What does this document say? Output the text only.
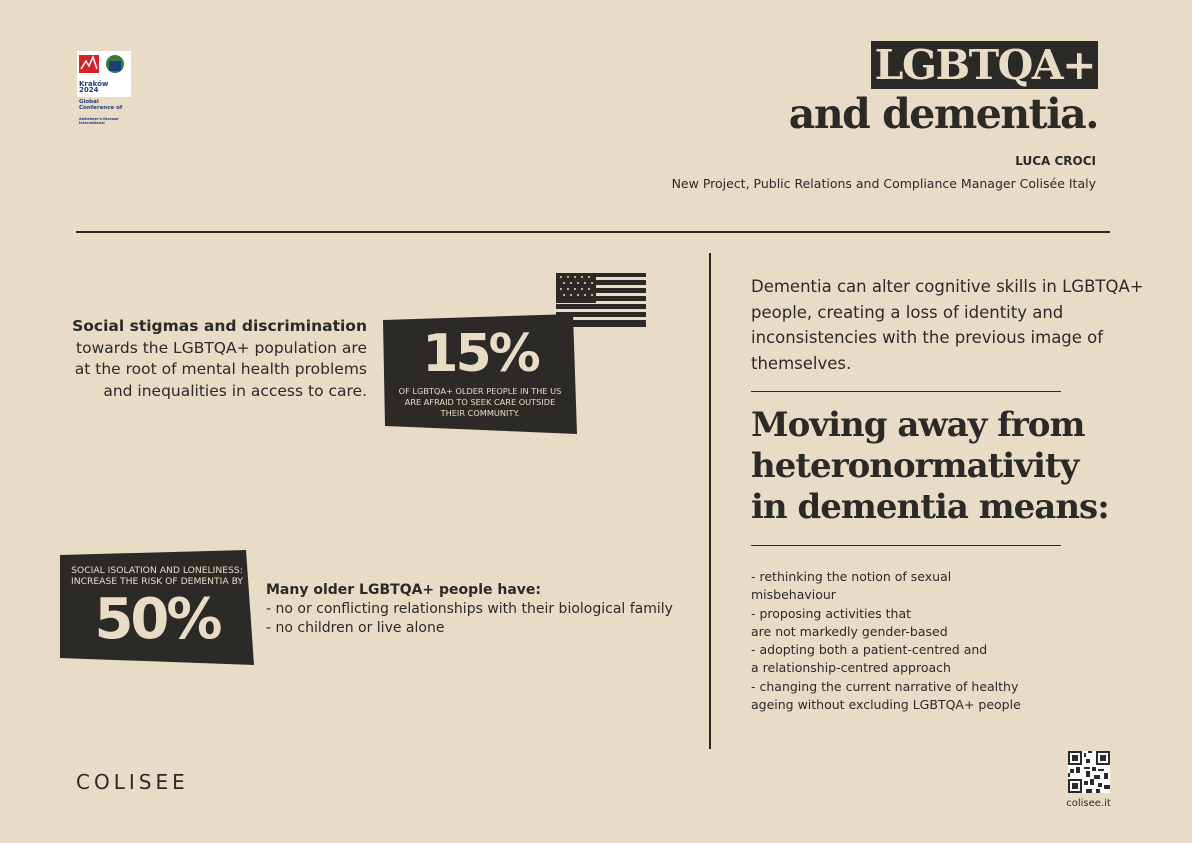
Kraków 2024

Global Conference of

Alzheimer's Disease International

LGBTQA+
and dementia.
LUCA CROCI
New Project, Public Relations and Compliance Manager Colisée Italy
Social stigmas and discrimination towards the LGBTQA+ population are at the root of mental health problems and inequalities in access to care.
15%
OF LGBTQA+ OLDER PEOPLE IN THE US ARE AFRAID TO SEEK CARE OUTSIDE THEIR COMMUNITY.
SOCIAL ISOLATION AND LONELINESS: INCREASE THE RISK OF DEMENTIA BY
50%	Many older LGBTQA+ people have:
- no or conflicting relationships with their biological family
- no children or live alone
Dementia can alter cognitive skills in LGBTQA+ people, creating a loss of identity and inconsistencies with the previous image of themselves.
Moving away from
heteronormativity
in dementia means:
- rethinking the notion of sexual
misbehaviour
- proposing activities that
are not markedly gender-based
- adopting both a patient-centred and
a relationship-centred approach
- changing the current narrative of healthy
ageing without excluding LGBTQA+ people
COLISEE
colisee.it
